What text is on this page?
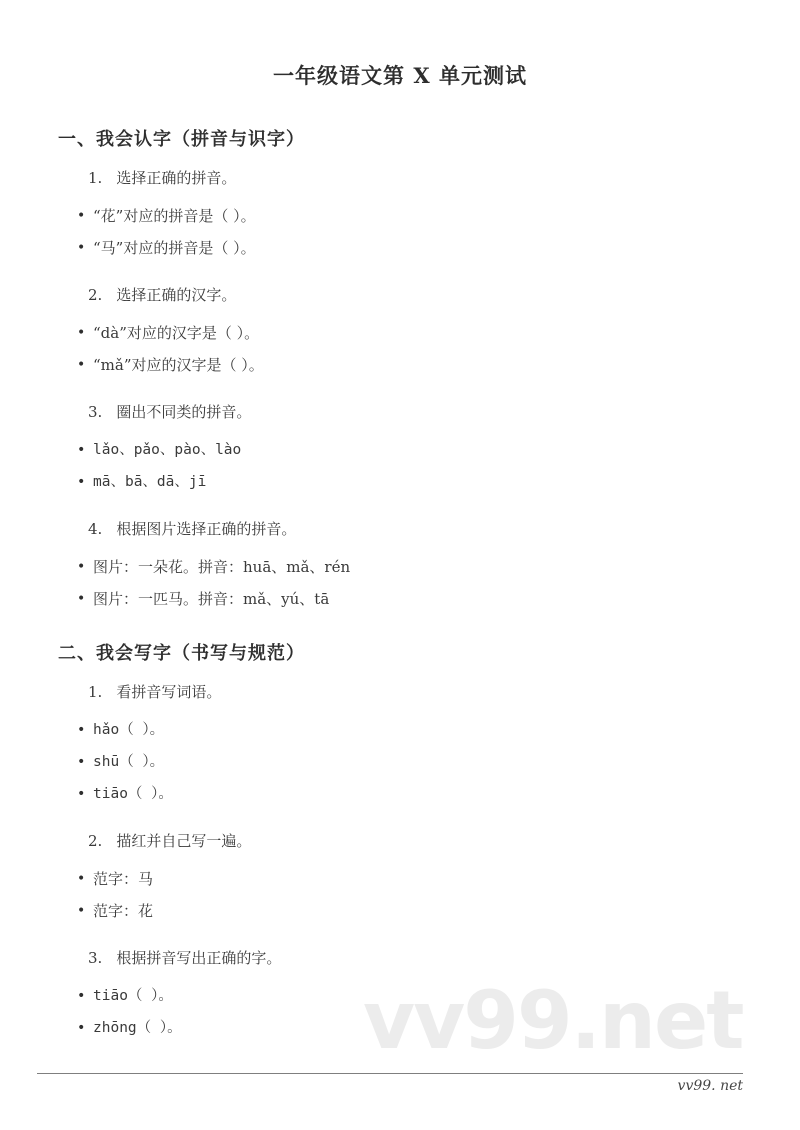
vv99.net
一年级语文第 X 单元测试
一、我会认字（拼音与识字）
1. 选择正确的拼音。
• “花”对应的拼音是（ ）。
• “马”对应的拼音是（ ）。
2. 选择正确的汉字。
• “dà”对应的汉字是（ ）。
• “mǎ”对应的汉字是（ ）。
3. 圈出不同类的拼音。
• lǎo、pǎo、pào、lào
• mā、bā、dā、jī
4. 根据图片选择正确的拼音。
• 图片：一朵花。拼音：huā、mǎ、rén
• 图片：一匹马。拼音：mǎ、yú、tā
二、我会写字（书写与规范）
1. 看拼音写词语。
• hǎo（ ）。
• shū（ ）。
• tiāo（ ）。
2. 描红并自己写一遍。
• 范字：马
• 范字：花
3. 根据拼音写出正确的字。
• tiāo（ ）。
• zhōng（ ）。
vv99. net
